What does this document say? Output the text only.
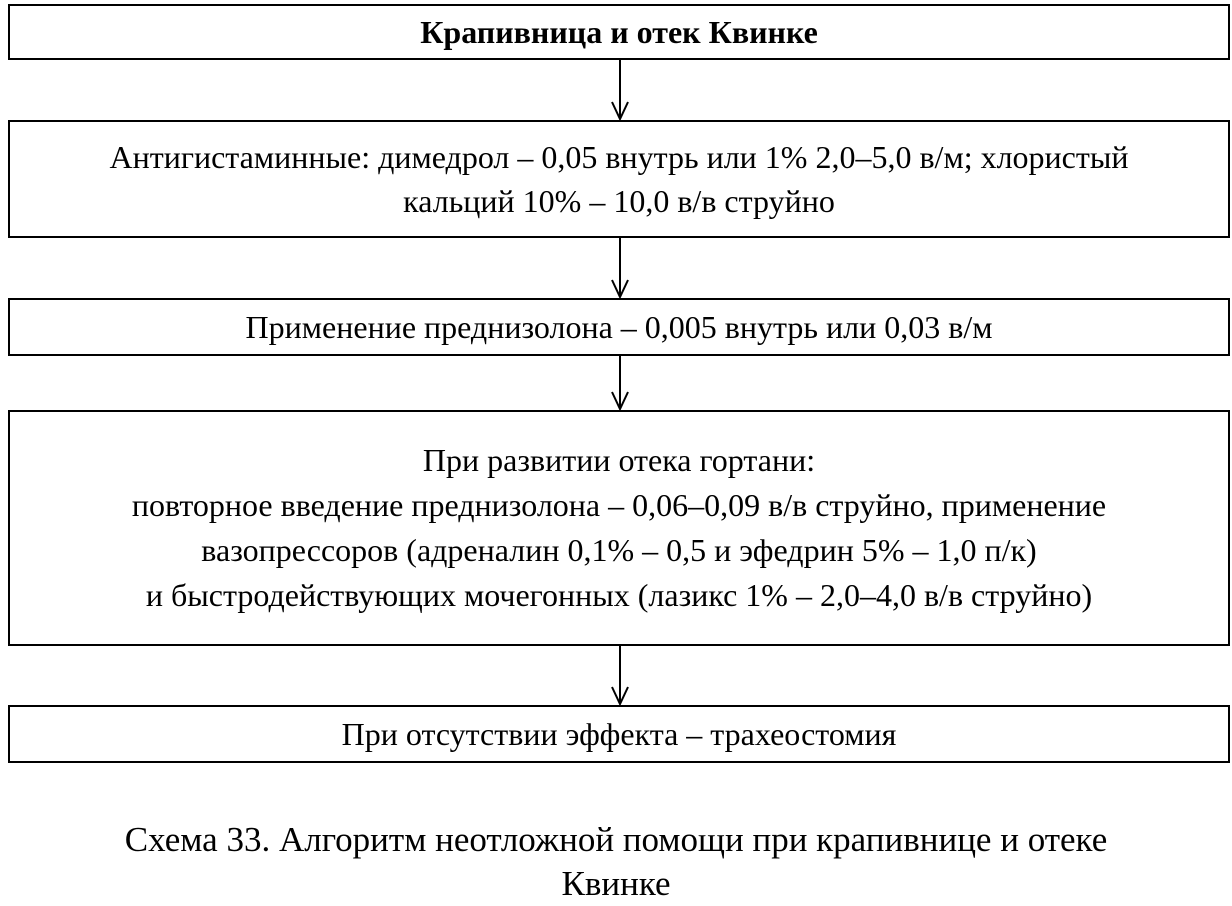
Крапивница и отек Квинке
Антигистаминные: димедрол – 0,05 внутрь или 1% 2,0–5,0 в/м; хлористый
кальций 10% – 10,0 в/в струйно
Применение преднизолона – 0,005 внутрь или 0,03 в/м
При развитии отека гортани:
повторное введение преднизолона – 0,06–0,09 в/в струйно, применение
вазопрессоров (адреналин 0,1% – 0,5 и эфедрин 5% – 1,0 п/к)
и быстродействующих мочегонных (лазикс 1% – 2,0–4,0 в/в струйно)
При отсутствии эффекта – трахеостомия
Схема 33. Алгоритм неотложной помощи при крапивнице и отеке
Квинке
